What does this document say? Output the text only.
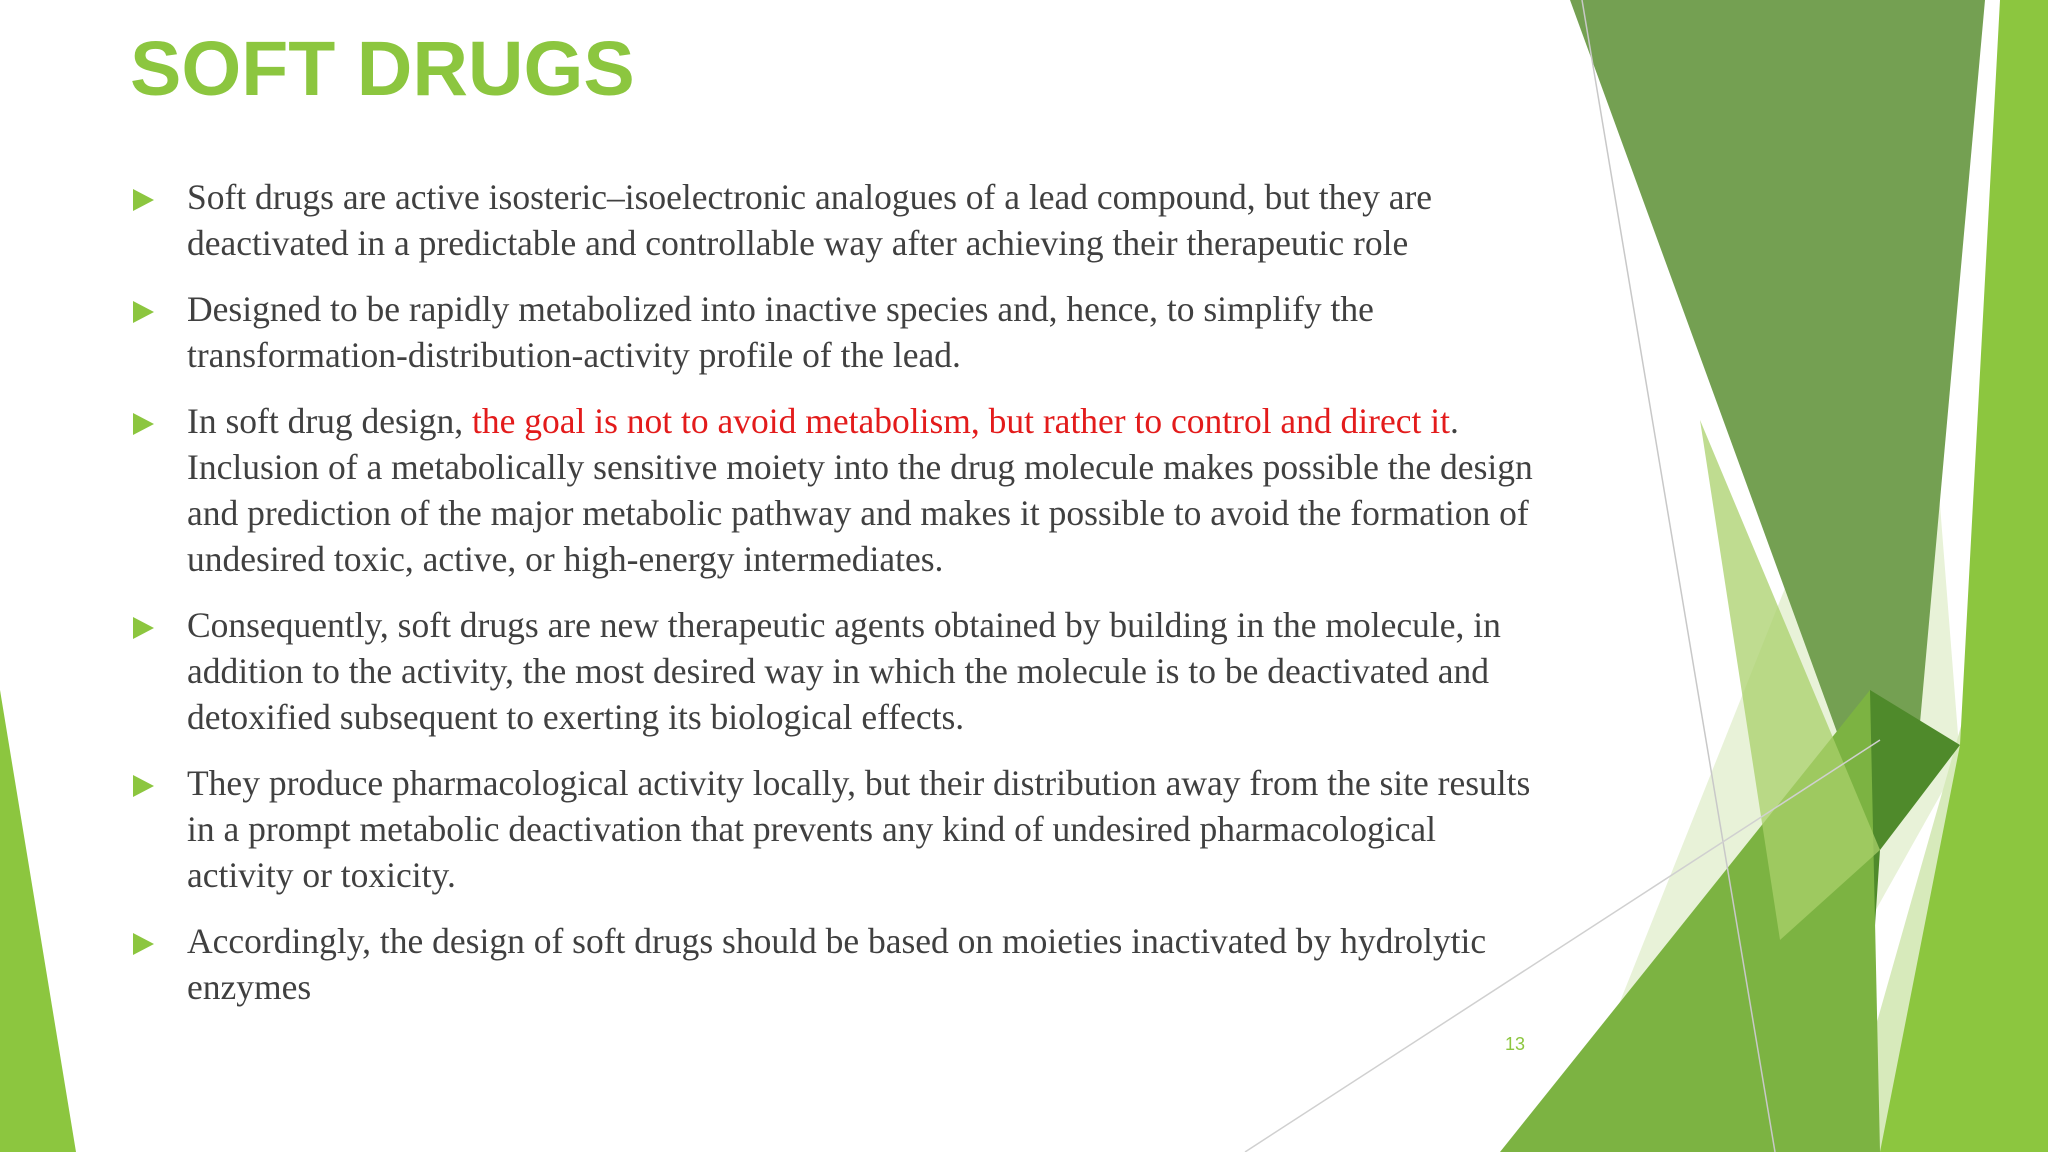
SOFT DRUGS
Soft drugs are active isosteric–isoelectronic analogues of a lead compound, but they are deactivated in a predictable and controllable way after achieving their therapeutic role
Designed to be rapidly metabolized into inactive species and, hence, to simplify the transformation-distribution-activity profile of the lead.
In soft drug design, the goal is not to avoid metabolism, but rather to control and direct it. Inclusion of a metabolically sensitive moiety into the drug molecule makes possible the design and prediction of the major metabolic pathway and makes it possible to avoid the formation of undesired toxic, active, or high-energy intermediates.
Consequently, soft drugs are new therapeutic agents obtained by building in the molecule, in addition to the activity, the most desired way in which the molecule is to be deactivated and detoxified subsequent to exerting its biological effects.
They produce pharmacological activity locally, but their distribution away from the site results in a prompt metabolic deactivation that prevents any kind of undesired pharmacological activity or toxicity.
Accordingly, the design of soft drugs should be based on moieties inactivated by hydrolytic enzymes
13
